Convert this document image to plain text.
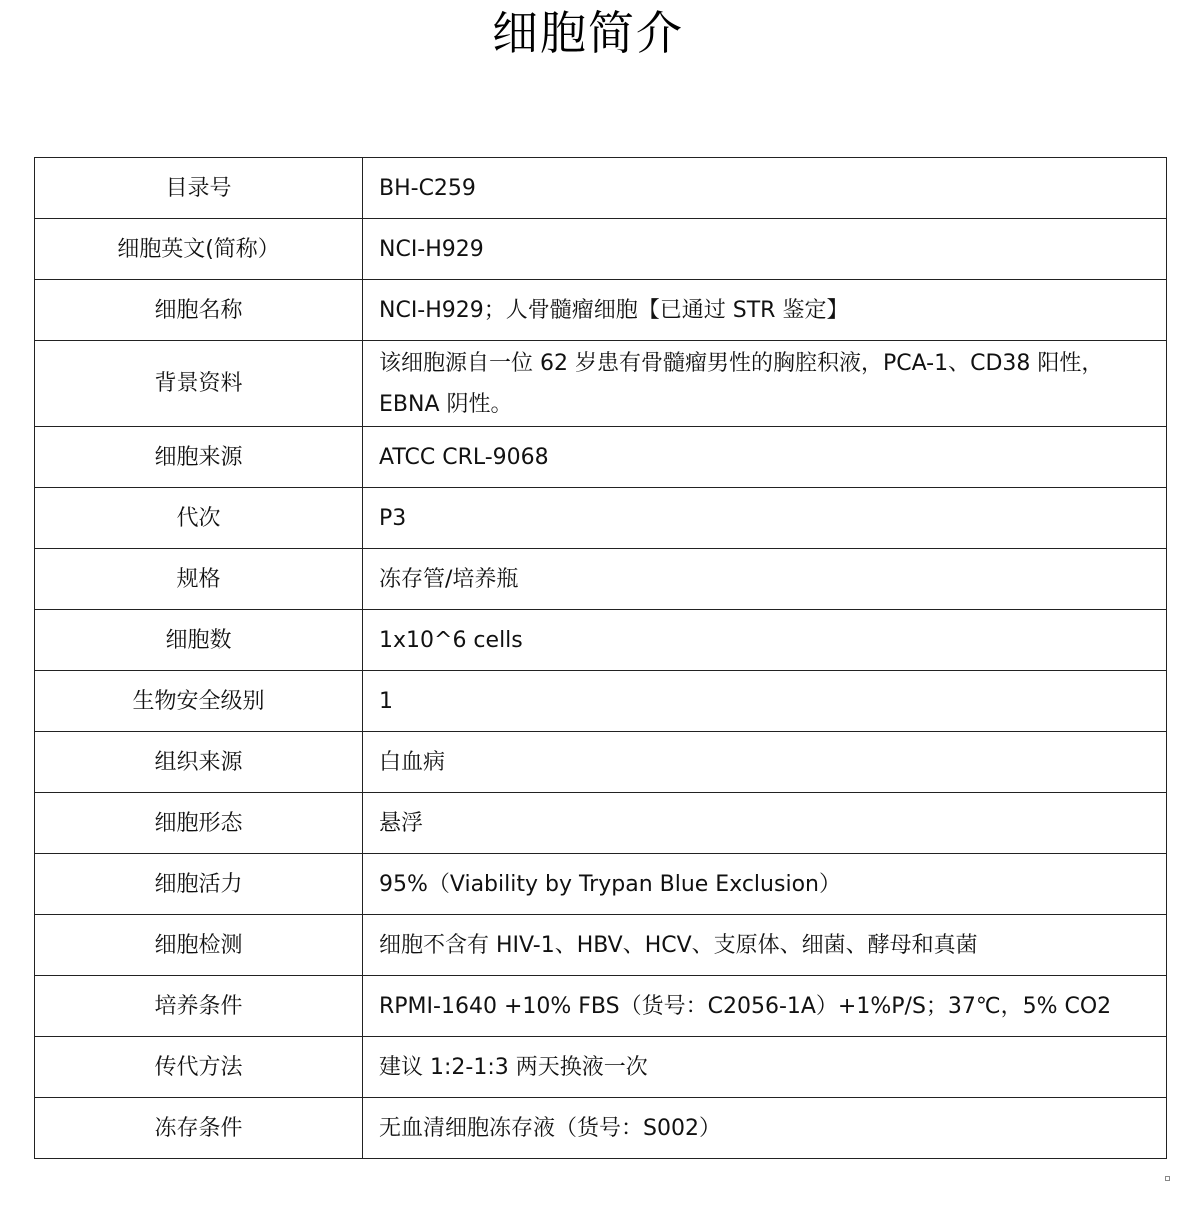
细胞简介
目录号	BH-C259
细胞英文(简称）	NCI-H929
细胞名称	NCI-H929；人骨髓瘤细胞【已通过 STR 鉴定】
背景资料	该细胞源自一位 62 岁患有骨髓瘤男性的胸腔积液，PCA-1、CD38 阳性，EBNA 阴性。
细胞来源	ATCC CRL-9068
代次	P3
规格	冻存管/培养瓶
细胞数	1x10^6 cells
生物安全级别	1
组织来源	白血病
细胞形态	悬浮
细胞活力	95%（Viability by Trypan Blue Exclusion）
细胞检测	细胞不含有 HIV-1、HBV、HCV、支原体、细菌、酵母和真菌
培养条件	RPMI-1640 +10% FBS（货号：C2056-1A）+1%P/S；37℃，5% CO2
传代方法	建议 1:2-1:3 两天换液一次
冻存条件	无血清细胞冻存液（货号：S002）
